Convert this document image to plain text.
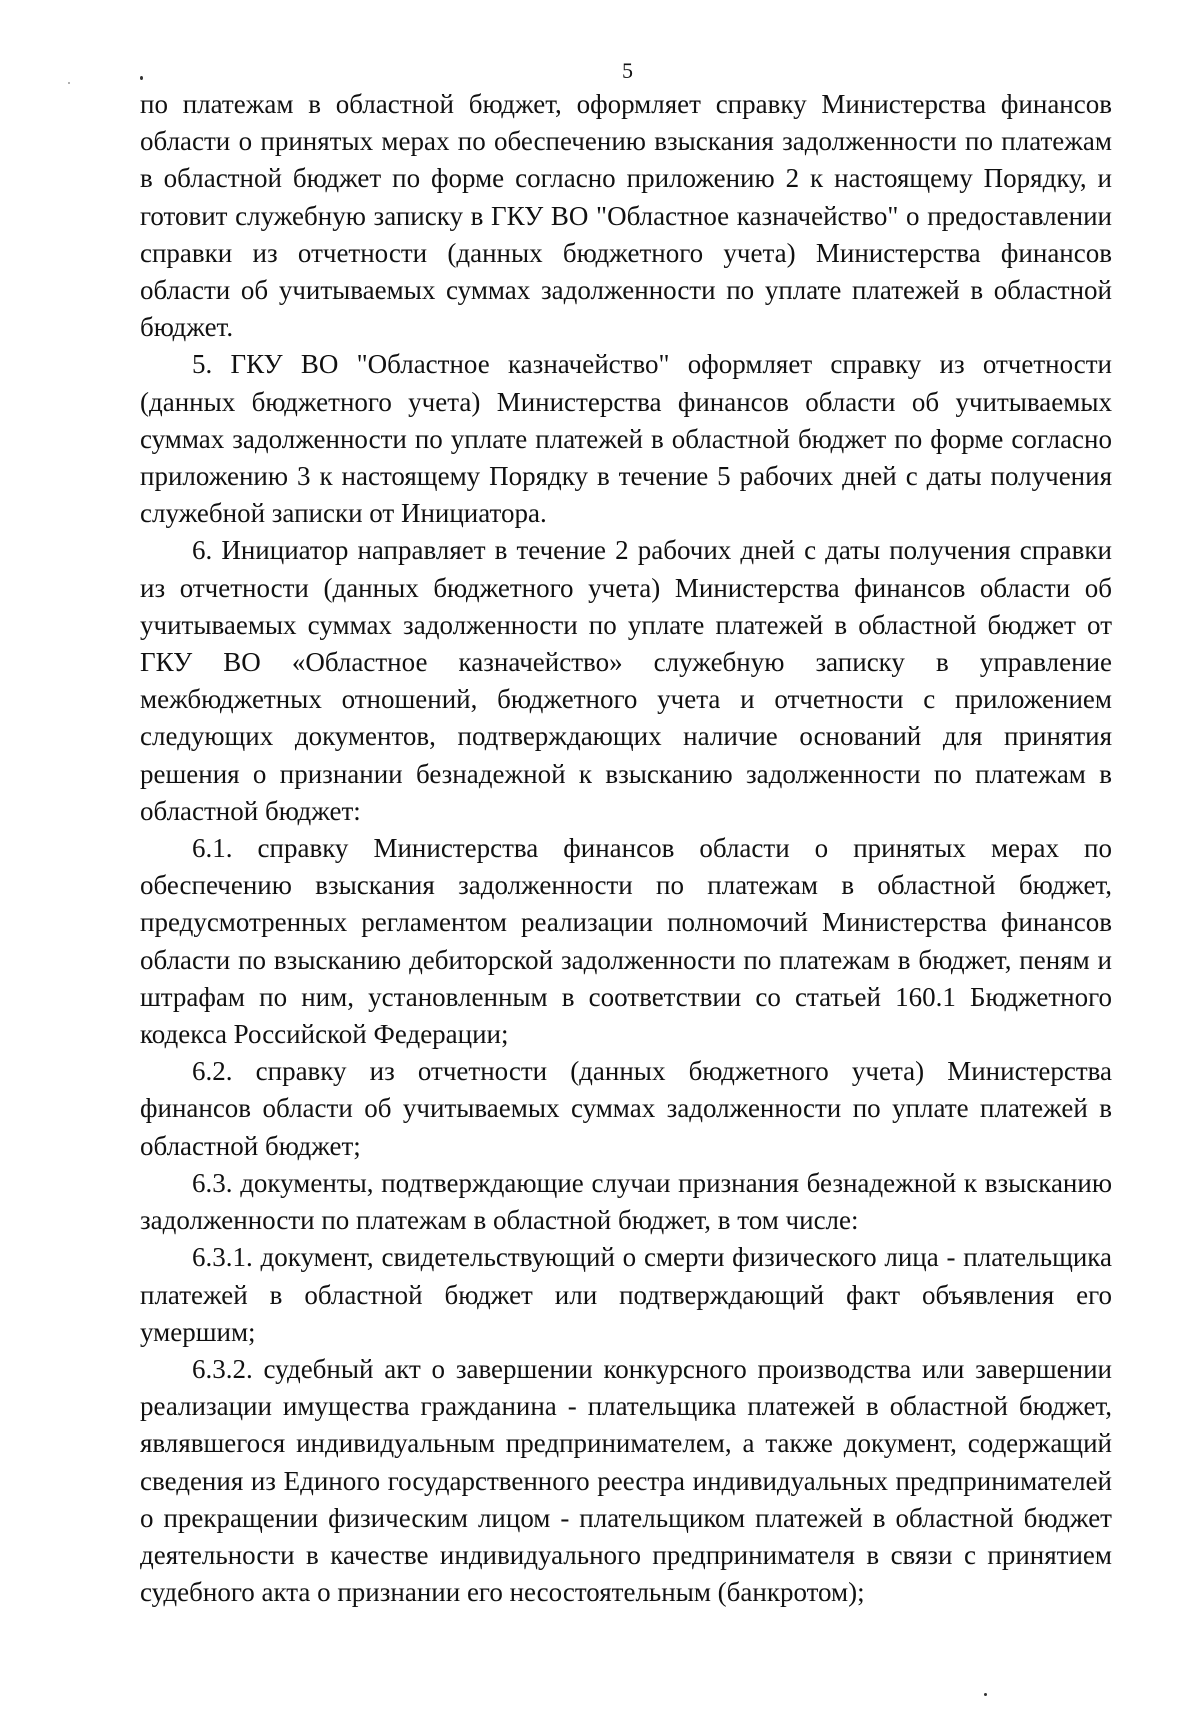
5

по платежам в областной бюджет, оформляет справку Министерства финансов области о принятых мерах по обеспечению взыскания задолженности по платежам в областной бюджет по форме согласно приложению 2 к настоящему Порядку, и готовит служебную записку в ГКУ ВО "Областное казначейство" о предоставлении справки из отчетности (данных бюджетного учета) Министерства финансов области об учитываемых суммах задолженности по уплате платежей в областной бюджет.

5. ГКУ ВО "Областное казначейство" оформляет справку из отчетности (данных бюджетного учета) Министерства финансов области об учитываемых суммах задолженности по уплате платежей в областной бюджет по форме согласно приложению 3 к настоящему Порядку в течение 5 рабочих дней с даты получения служебной записки от Инициатора.

6. Инициатор направляет в течение 2 рабочих дней с даты получения справки из отчетности (данных бюджетного учета) Министерства финансов области об учитываемых суммах задолженности по уплате платежей в областной бюджет от ГКУ ВО «Областное казначейство» служебную записку в управление межбюджетных отношений, бюджетного учета и отчетности с приложением следующих документов, подтверждающих наличие оснований для принятия решения о признании безнадежной к взысканию задолженности по платежам в областной бюджет:

6.1. справку Министерства финансов области о принятых мерах по обеспечению взыскания задолженности по платежам в областной бюджет, предусмотренных регламентом реализации полномочий Министерства финансов области по взысканию дебиторской задолженности по платежам в бюджет, пеням и штрафам по ним, установленным в соответствии со статьей 160.1 Бюджетного кодекса Российской Федерации;

6.2. справку из отчетности (данных бюджетного учета) Министерства финансов области об учитываемых суммах задолженности по уплате платежей в областной бюджет;

6.3. документы, подтверждающие случаи признания безнадежной к взысканию задолженности по платежам в областной бюджет, в том числе:

6.3.1. документ, свидетельствующий о смерти физического лица - плательщика платежей в областной бюджет или подтверждающий факт объявления его умершим;

6.3.2. судебный акт о завершении конкурсного производства или завершении реализации имущества гражданина - плательщика платежей в областной бюджет, являвшегося индивидуальным предпринимателем, а также документ, содержащий сведения из Единого государственного реестра индивидуальных предпринимателей о прекращении физическим лицом - плательщиком платежей в областной бюджет деятельности в качестве индивидуального предпринимателя в связи с принятием судебного акта о признании его несостоятельным (банкротом);
